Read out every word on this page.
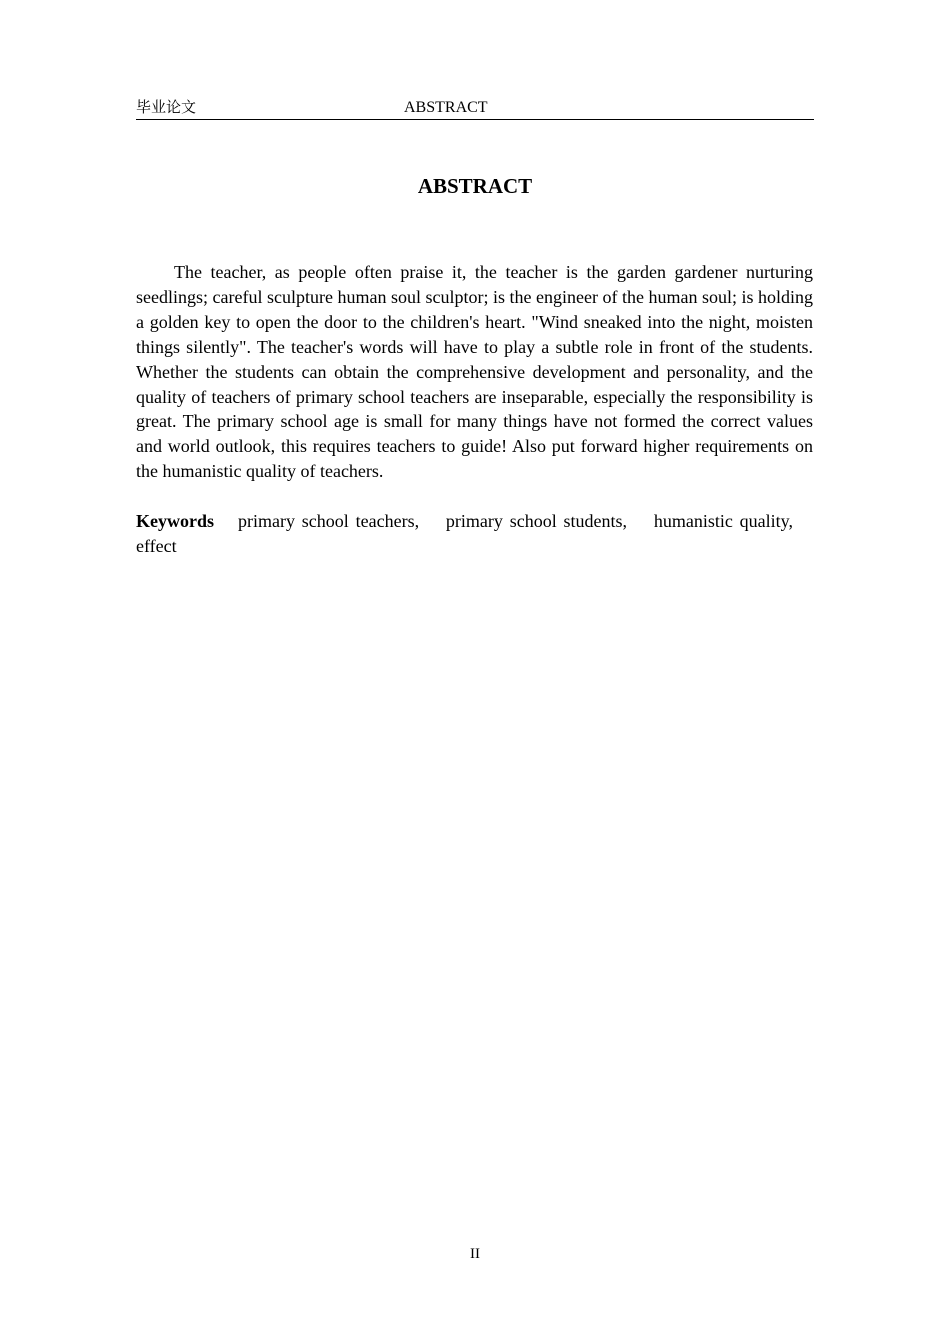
毕业论文	ABSTRACT
ABSTRACT

The teacher, as people often praise it, the teacher is the garden gardener nurturing seedlings; careful sculpture human soul sculptor; is the engineer of the human soul; is holding a golden key to open the door to the children's heart. "Wind sneaked into the night, moisten things silently". The teacher's words will have to play a subtle role in front of the students. Whether the students can obtain the comprehensive development and personality, and the quality of teachers of primary school teachers are inseparable, especially the responsibility is great. The primary school age is small for many things have not formed the correct values and world outlook, this requires teachers to guide! Also put forward higher requirements on the humanistic quality of teachers.

Keywords primary school teachers, primary school students, humanistic quality, effect

II
